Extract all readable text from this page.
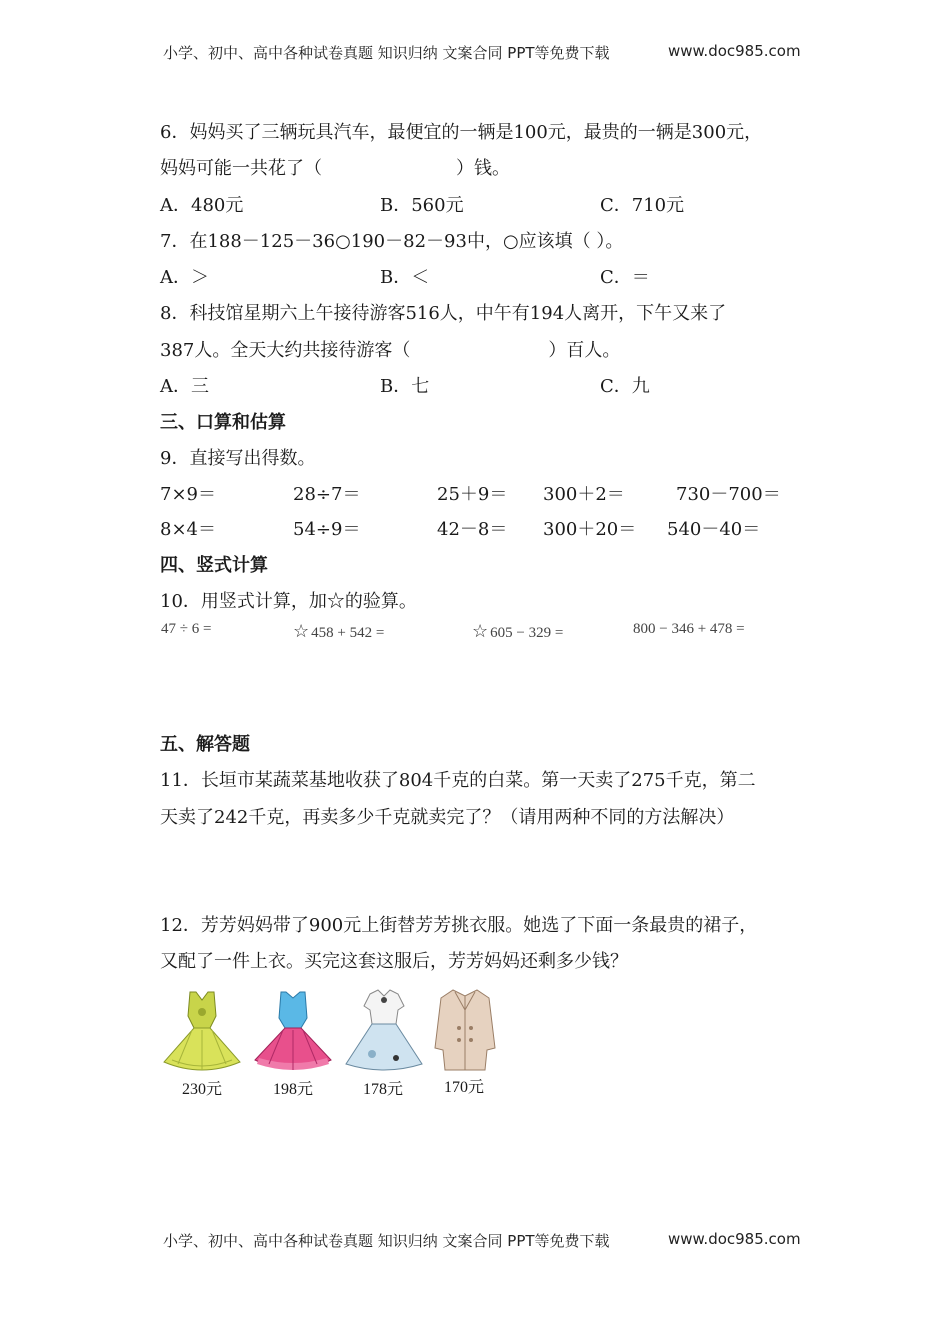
小学、初中、高中各种试卷真题 知识归纳 文案合同 PPT等免费下载	www.doc985.com
6．妈妈买了三辆玩具汽车，最便宜的一辆是100元，最贵的一辆是300元，
妈妈可能一共花了（	）钱。
A．480元	B．560元	C．710元
7．在188－125－36○190－82－93中，○应该填（ ）。
A．＞	B．＜	C．＝
8．科技馆星期六上午接待游客516人，中午有194人离开，下午又来了
387人。全天大约共接待游客（	）百人。
A．三	B．七	C．九
三、口算和估算
9．直接写出得数。
7×9＝	28÷7＝	25＋9＝ 300＋2＝	730－700＝
8×4＝	54÷9＝	42－8＝ 300＋20＝ 540－40＝
四、竖式计算
10．用竖式计算，加☆的验算。
47 ÷ 6 =	☆ 458 + 542 =	☆ 605 − 329 =	800 − 346 + 478 =
五、解答题
11．长垣市某蔬菜基地收获了804千克的白菜。第一天卖了275千克，第二
天卖了242千克，再卖多少千克就卖完了？（请用两种不同的方法解决）
12．芳芳妈妈带了900元上街替芳芳挑衣服。她选了下面一条最贵的裙子，
又配了一件上衣。买完这套这服后，芳芳妈妈还剩多少钱？
230元	198元	178元	170元
小学、初中、高中各种试卷真题 知识归纳 文案合同 PPT等免费下载	www.doc985.com
